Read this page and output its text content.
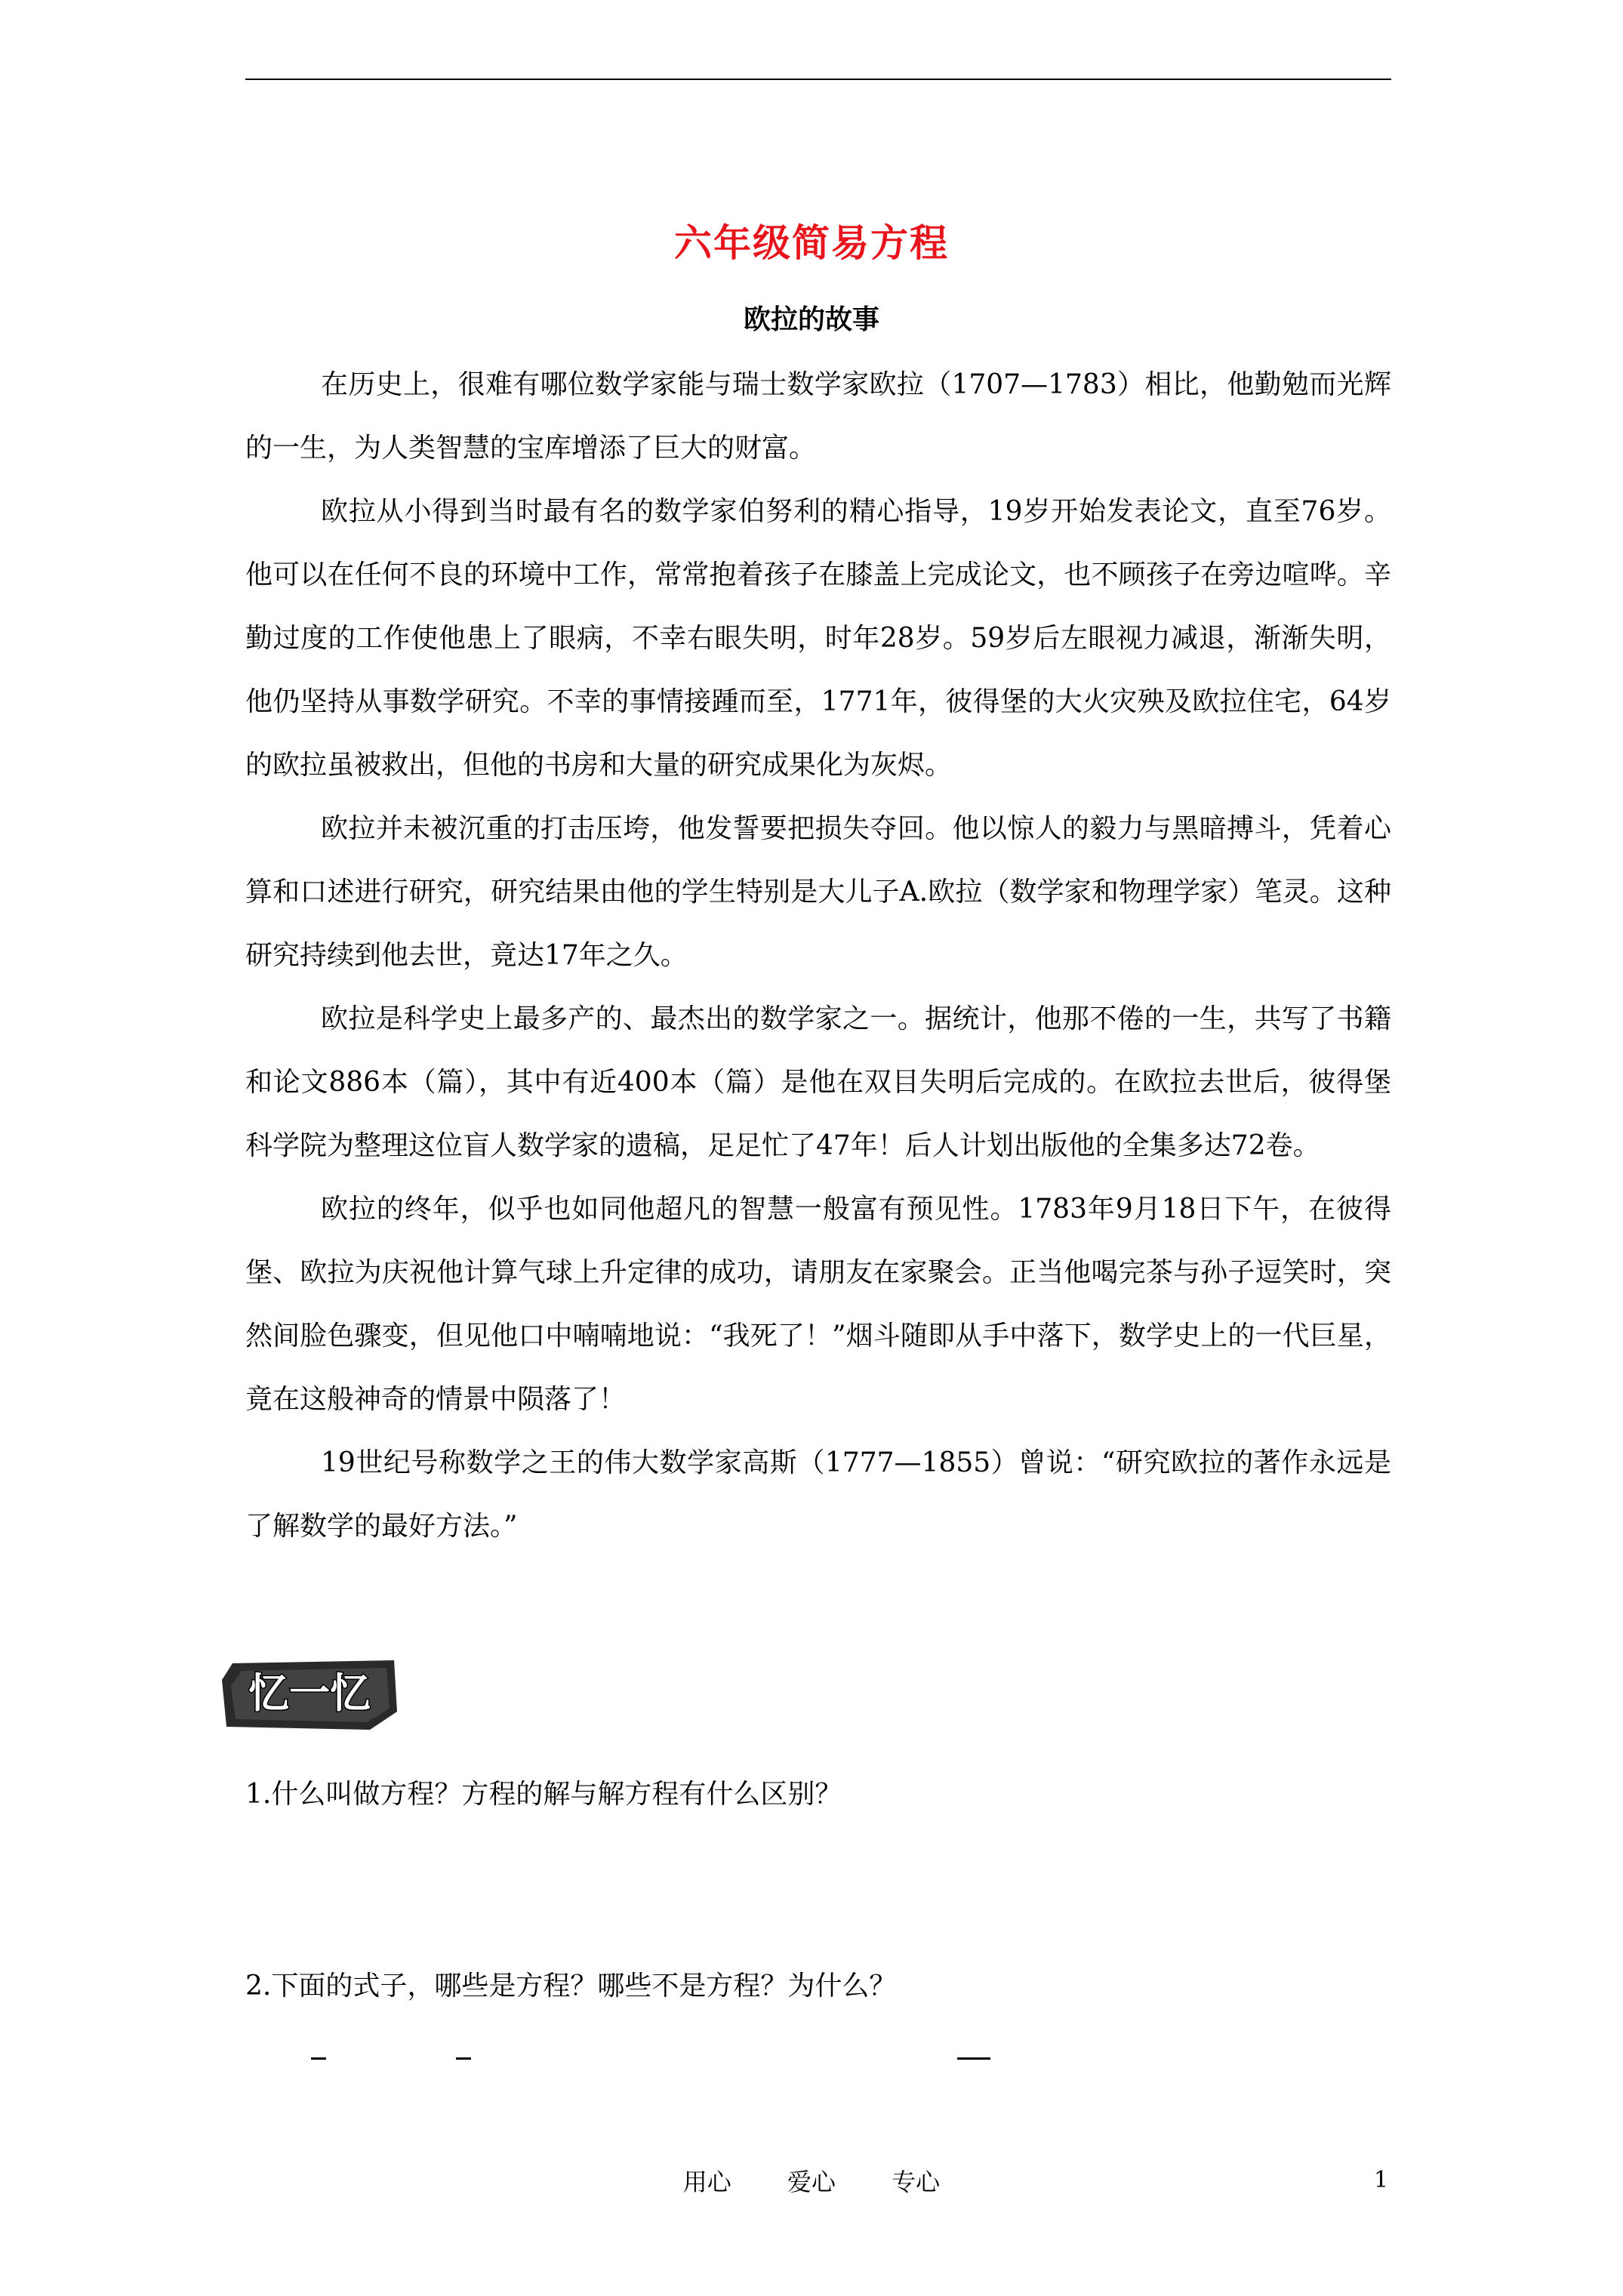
六年级简易方程
欧拉的故事

在历史上，很难有哪位数学家能与瑞士数学家欧拉（1707—1783）相比，他勤勉而光辉的一生，为人类智慧的宝库增添了巨大的财富。

欧拉从小得到当时最有名的数学家伯努利的精心指导，19岁开始发表论文，直至76岁。他可以在任何不良的环境中工作，常常抱着孩子在膝盖上完成论文，也不顾孩子在旁边喧哗。辛勤过度的工作使他患上了眼病，不幸右眼失明，时年28岁。59岁后左眼视力减退，渐渐失明，他仍坚持从事数学研究。不幸的事情接踵而至，1771年，彼得堡的大火灾殃及欧拉住宅，64岁的欧拉虽被救出，但他的书房和大量的研究成果化为灰烬。

欧拉并未被沉重的打击压垮，他发誓要把损失夺回。他以惊人的毅力与黑暗搏斗，凭着心算和口述进行研究，研究结果由他的学生特别是大儿子A.欧拉（数学家和物理学家）笔灵。这种研究持续到他去世，竟达17年之久。

欧拉是科学史上最多产的、最杰出的数学家之一。据统计，他那不倦的一生，共写了书籍和论文886本（篇），其中有近400本（篇）是他在双目失明后完成的。在欧拉去世后，彼得堡科学院为整理这位盲人数学家的遗稿，足足忙了47年！后人计划出版他的全集多达72卷。

欧拉的终年，似乎也如同他超凡的智慧一般富有预见性。1783年9月18日下午，在彼得堡、欧拉为庆祝他计算气球上升定律的成功，请朋友在家聚会。正当他喝完茶与孙子逗笑时，突然间脸色骤变，但见他口中喃喃地说：“我死了！”烟斗随即从手中落下，数学史上的一代巨星，竟在这般神奇的情景中陨落了！

19世纪号称数学之王的伟大数学家高斯（1777—1855）曾说：“研究欧拉的著作永远是了解数学的最好方法。”

忆一忆
1.什么叫做方程？方程的解与解方程有什么区别？
2.下面的式子，哪些是方程？哪些不是方程？为什么？
用心 爱心 专心	1
